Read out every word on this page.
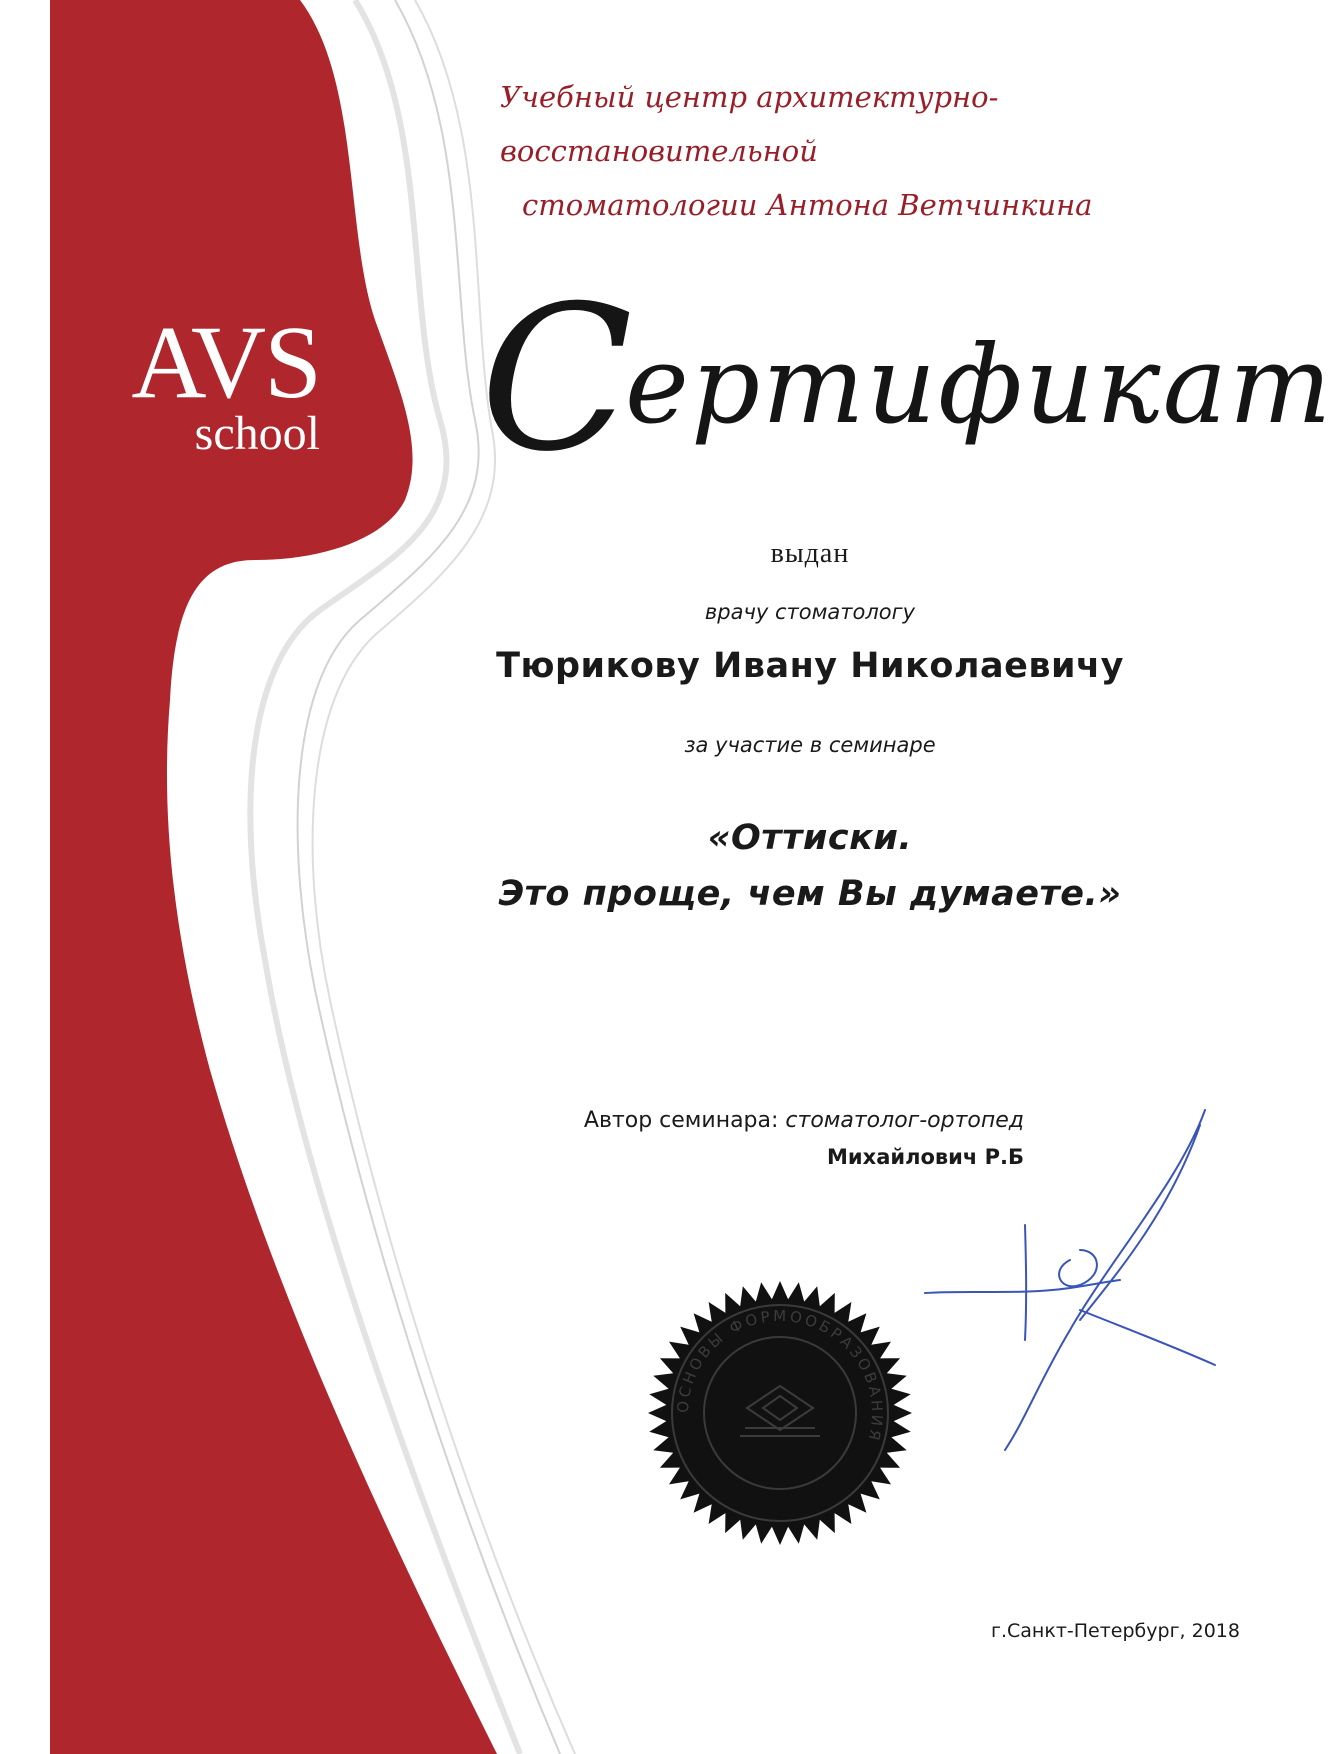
AVS
school
Учебный центр архитектурно-восстановительной
стоматологии Антона Ветчинкина
Сертификат
выдан
врачу стоматологу
Тюрикову Ивану Николаевичу
за участие в семинаре
«Оттиски.
Это проще, чем Вы думаете.»
Автор семинара: стоматолог-ортопед
Михайлович Р.Б
ОСНОВЫ ФОРМООБРАЗОВАНИЯ
г.Санкт-Петербург, 2018
